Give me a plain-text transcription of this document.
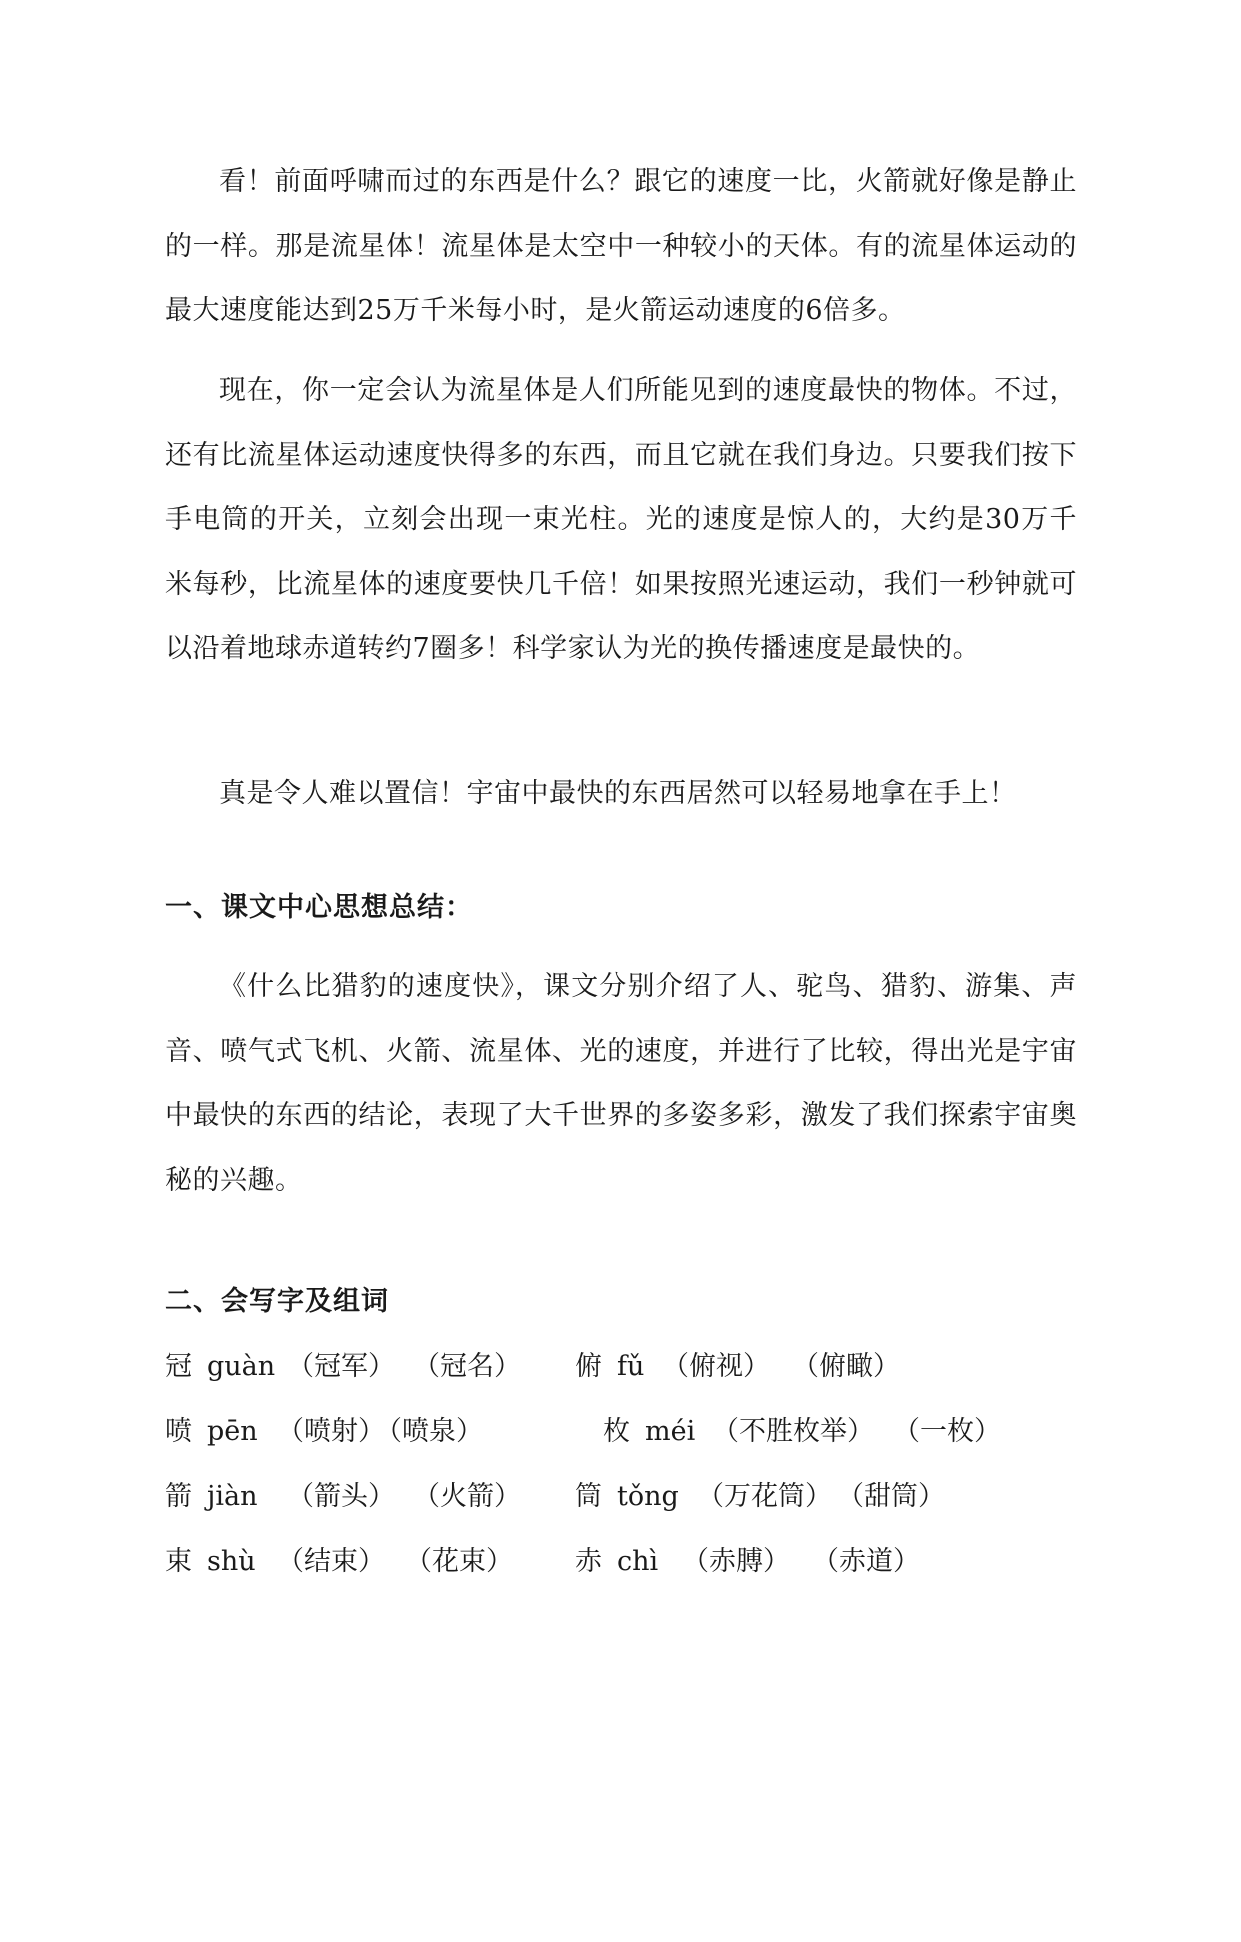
看！前面呼啸而过的东西是什么？跟它的速度一比，火箭就好像是静止的一样。那是流星体！流星体是太空中一种较小的天体。有的流星体运动的最大速度能达到25万千米每小时，是火箭运动速度的6倍多。

现在，你一定会认为流星体是人们所能见到的速度最快的物体。不过，还有比流星体运动速度快得多的东西，而且它就在我们身边。只要我们按下手电筒的开关，立刻会出现一束光柱。光的速度是惊人的，大约是30万千米每秒，比流星体的速度要快几千倍！如果按照光速运动，我们一秒钟就可以沿着地球赤道转约7圈多！科学家认为光的换传播速度是最快的。

真是令人难以置信！宇宙中最快的东西居然可以轻易地拿在手上！

一、课文中心思想总结：

《什么比猎豹的速度快》，课文分别介绍了人、驼鸟、猎豹、游集、声音、喷气式飞机、火箭、流星体、光的速度，并进行了比较，得出光是宇宙中最快的东西的结论，表现了大千世界的多姿多彩，激发了我们探索宇宙奥秘的兴趣。

二、会写字及组词

冠

guàn

（冠军）

（冠名）

俯

fǔ

（俯视）

（俯瞰）

喷

pēn

（喷射）

（喷泉）

	枚

méi

（不胜枚举）

（一枚）

箭

jiàn

（箭头）

（火箭）

筒

tǒng

（万花筒）

（甜筒）

束

shù

（结束）

（花束）

赤

chì

（赤膊）

（赤道）
